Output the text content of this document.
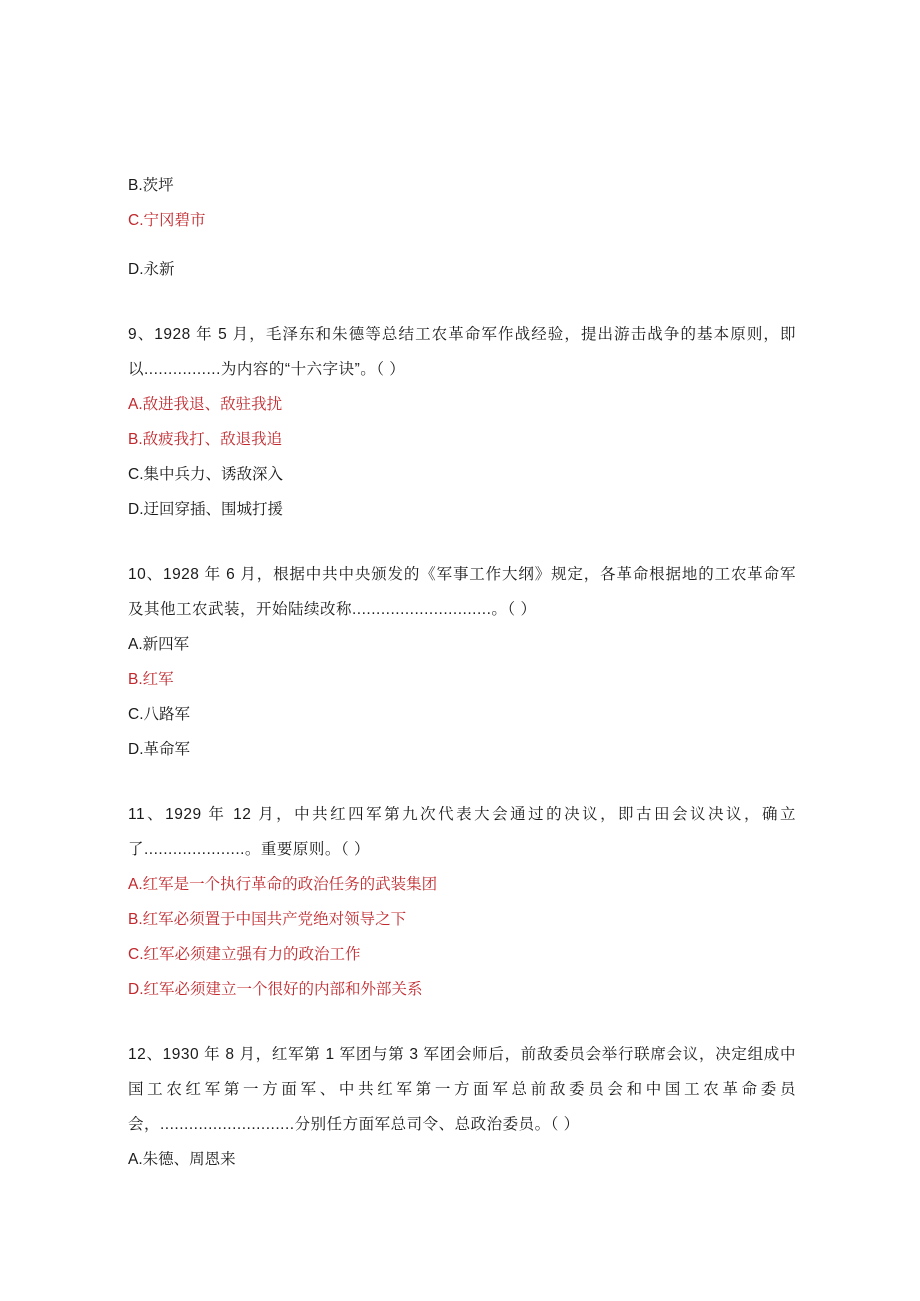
B.茨坪
C.宁冈碧市
D.永新

9、1928 年 5 月，毛泽东和朱德等总结工农革命军作战经验，提出游击战争的基本原则，即以................为内容的“十六字诀”。（ ）

A.敌进我退、敌驻我扰
B.敌疲我打、敌退我追
C.集中兵力、诱敌深入
D.迂回穿插、围城打援

10、1928 年 6 月，根据中共中央颁发的《军事工作大纲》规定，各革命根据地的工农革命军及其他工农武装，开始陆续改称.............................。（ ）

A.新四军
B.红军
C.八路军
D.革命军

11、1929 年 12 月，中共红四军第九次代表大会通过的决议，即古田会议决议，确立了.....................。重要原则。（ ）

A.红军是一个执行革命的政治任务的武装集团
B.红军必须置于中国共产党绝对领导之下
C.红军必须建立强有力的政治工作
D.红军必须建立一个很好的内部和外部关系

12、1930 年 8 月，红军第 1 军团与第 3 军团会师后，前敌委员会举行联席会议，决定组成中国工农红军第一方面军、中共红军第一方面军总前敌委员会和中国工农革命委员会，............................分别任方面军总司令、总政治委员。（ ）

A.朱德、周恩来
